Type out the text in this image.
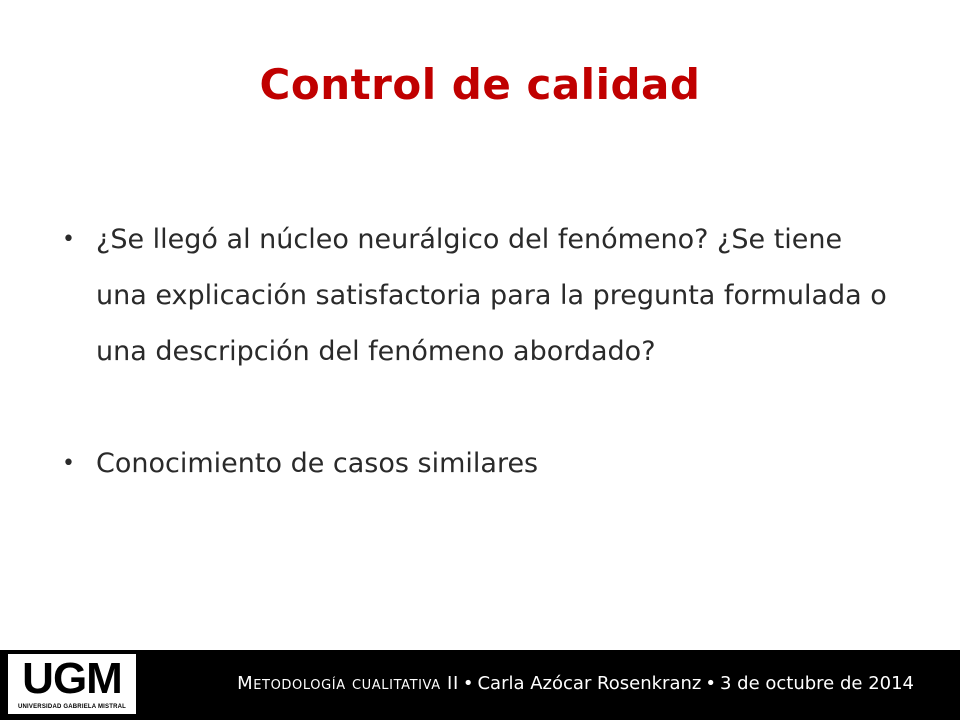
Control de calidad
• ¿Se llegó al núcleo neurálgico del fenómeno? ¿Se tiene una explicación satisfactoria para la pregunta formulada o una descripción del fenómeno abordado?
• Conocimiento de casos similares
UGM
UNIVERSIDAD GABRIELA MISTRAL
Metodología cualitativa II • Carla Azócar Rosenkranz • 3 de octubre de 2014
